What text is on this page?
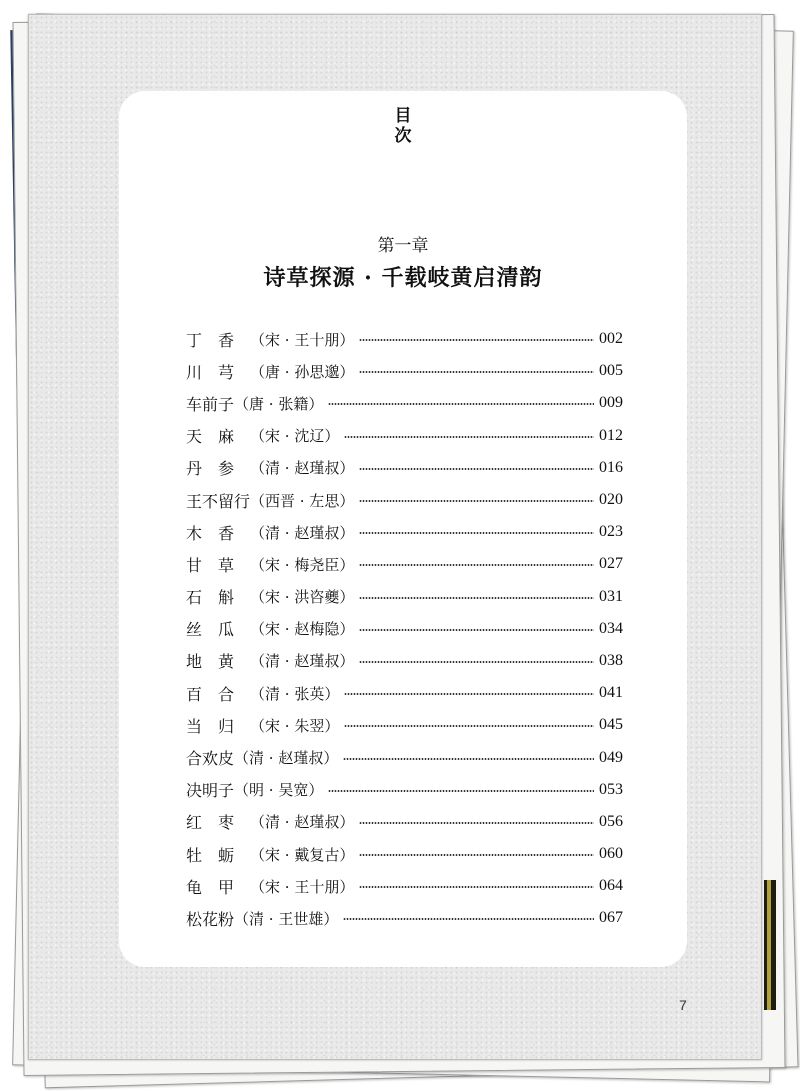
目
次
第一章
诗草探源 · 千载岐黄启清韵
丁香 （宋 · 王十朋）	002
川芎 （唐 · 孙思邈）	005
车前子 （唐 · 张籍）	009
天麻 （宋 · 沈辽）	012
丹参 （清 · 赵瑾叔）	016
王不留行 （西晋 · 左思）	020
木香 （清 · 赵瑾叔）	023
甘草 （宋 · 梅尧臣）	027
石斛 （宋 · 洪咨夔）	031
丝瓜 （宋 · 赵梅隐）	034
地黄 （清 · 赵瑾叔）	038
百合 （清 · 张英）	041
当归 （宋 · 朱翌）	045
合欢皮 （清 · 赵瑾叔）	049
决明子 （明 · 吴宽）	053
红枣 （清 · 赵瑾叔）	056
牡蛎 （宋 · 戴复古）	060
龟甲 （宋 · 王十朋）	064
松花粉 （清 · 王世雄）	067
7
